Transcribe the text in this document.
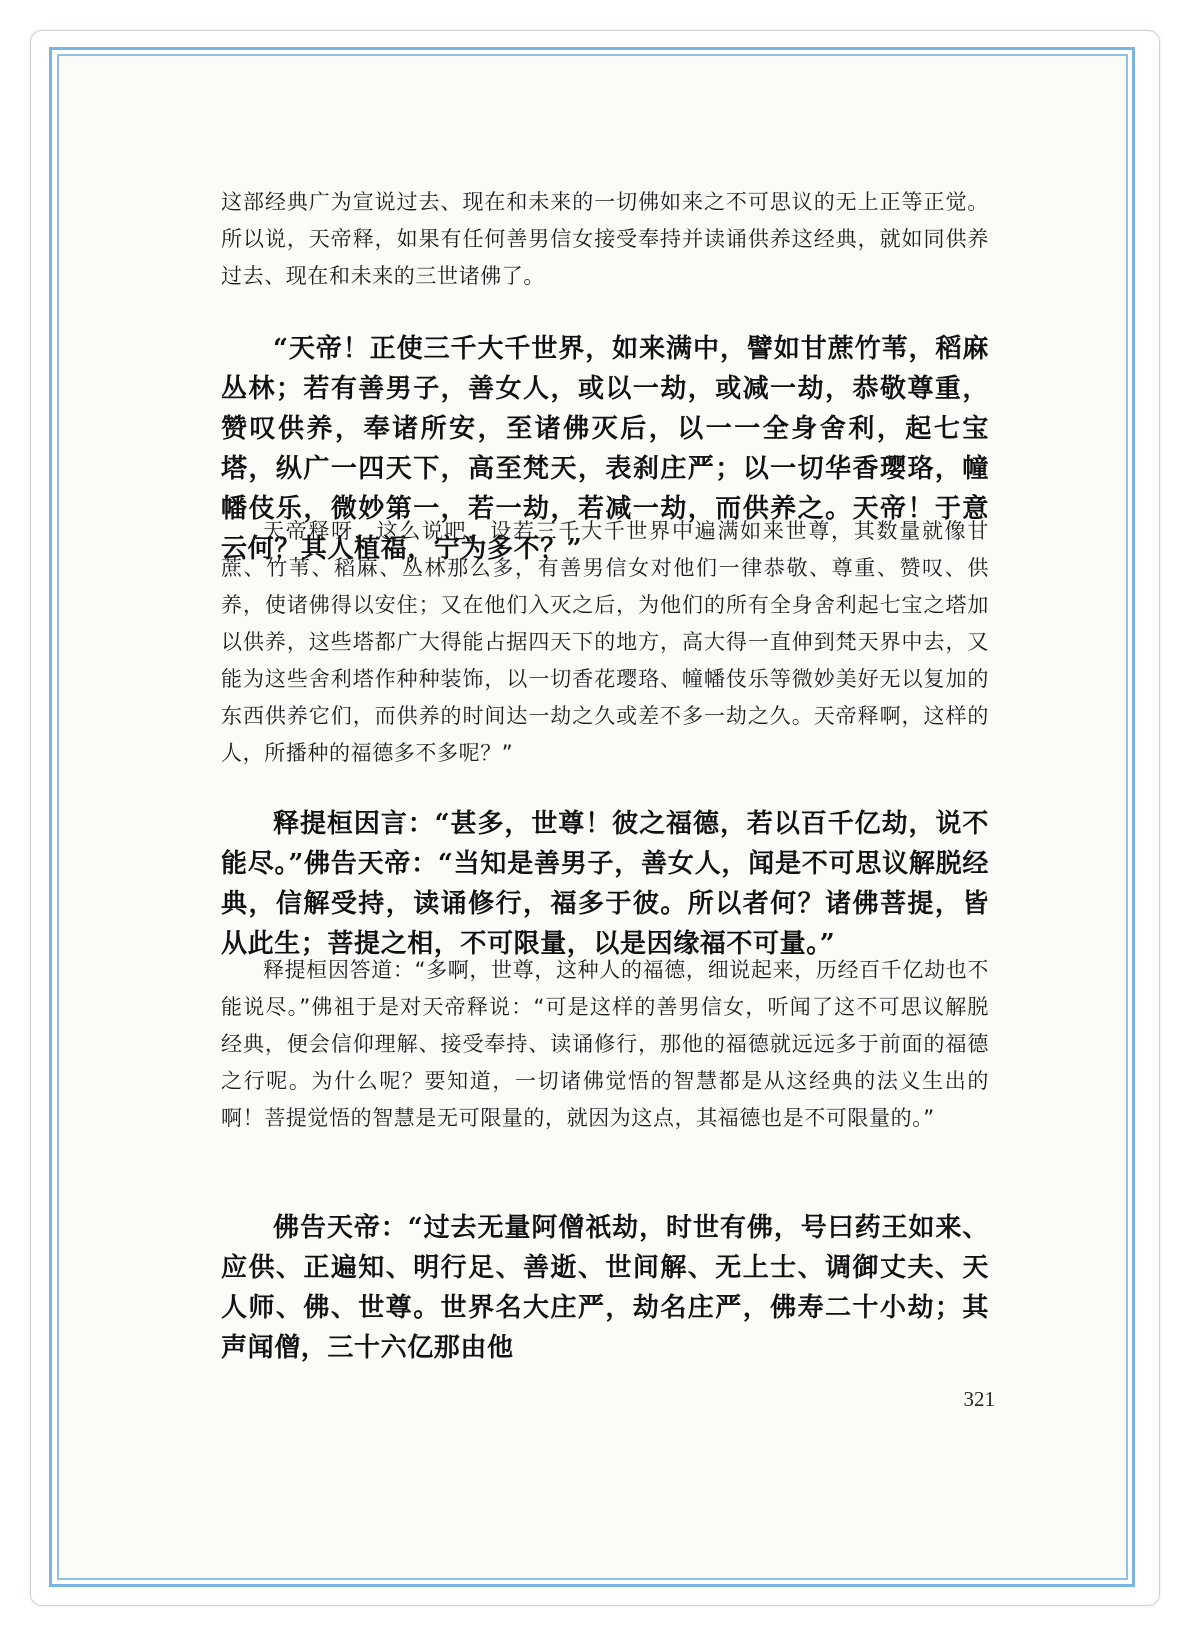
这部经典广为宣说过去、现在和未来的一切佛如来之不可思议的无上正等正觉。所以说，天帝释，如果有任何善男信女接受奉持并读诵供养这经典，就如同供养过去、现在和未来的三世诸佛了。

“天帝！正使三千大千世界，如来满中，譬如甘蔗竹苇，稻麻丛林；若有善男子，善女人，或以一劫，或减一劫，恭敬尊重，赞叹供养，奉诸所安，至诸佛灭后，以一一全身舍利，起七宝塔，纵广一四天下，高至梵天，表刹庄严；以一切华香璎珞，幢幡伎乐，微妙第一，若一劫，若减一劫，而供养之。天帝！于意云何？其人植福，宁为多不？”

天帝释呀，这么说吧，设若三千大千世界中遍满如来世尊，其数量就像甘蔗、竹苇、稻麻、丛林那么多，有善男信女对他们一律恭敬、尊重、赞叹、供养，使诸佛得以安住；又在他们入灭之后，为他们的所有全身舍利起七宝之塔加以供养，这些塔都广大得能占据四天下的地方，高大得一直伸到梵天界中去，又能为这些舍利塔作种种装饰，以一切香花璎珞、幢幡伎乐等微妙美好无以复加的东西供养它们，而供养的时间达一劫之久或差不多一劫之久。天帝释啊，这样的人，所播种的福德多不多呢？”

释提桓因言：“甚多，世尊！彼之福德，若以百千亿劫，说不能尽。”佛告天帝：“当知是善男子，善女人，闻是不可思议解脱经典，信解受持，读诵修行，福多于彼。所以者何？诸佛菩提，皆从此生；菩提之相，不可限量，以是因缘福不可量。”

释提桓因答道：“多啊，世尊，这种人的福德，细说起来，历经百千亿劫也不能说尽。”佛祖于是对天帝释说：“可是这样的善男信女，听闻了这不可思议解脱经典，便会信仰理解、接受奉持、读诵修行，那他的福德就远远多于前面的福德之行呢。为什么呢？要知道，一切诸佛觉悟的智慧都是从这经典的法义生出的啊！菩提觉悟的智慧是无可限量的，就因为这点，其福德也是不可限量的。”

佛告天帝：“过去无量阿僧祇劫，时世有佛，号曰药王如来、应供、正遍知、明行足、善逝、世间解、无上士、调御丈夫、天人师、佛、世尊。世界名大庄严，劫名庄严，佛寿二十小劫；其声闻僧，三十六亿那由他

321
